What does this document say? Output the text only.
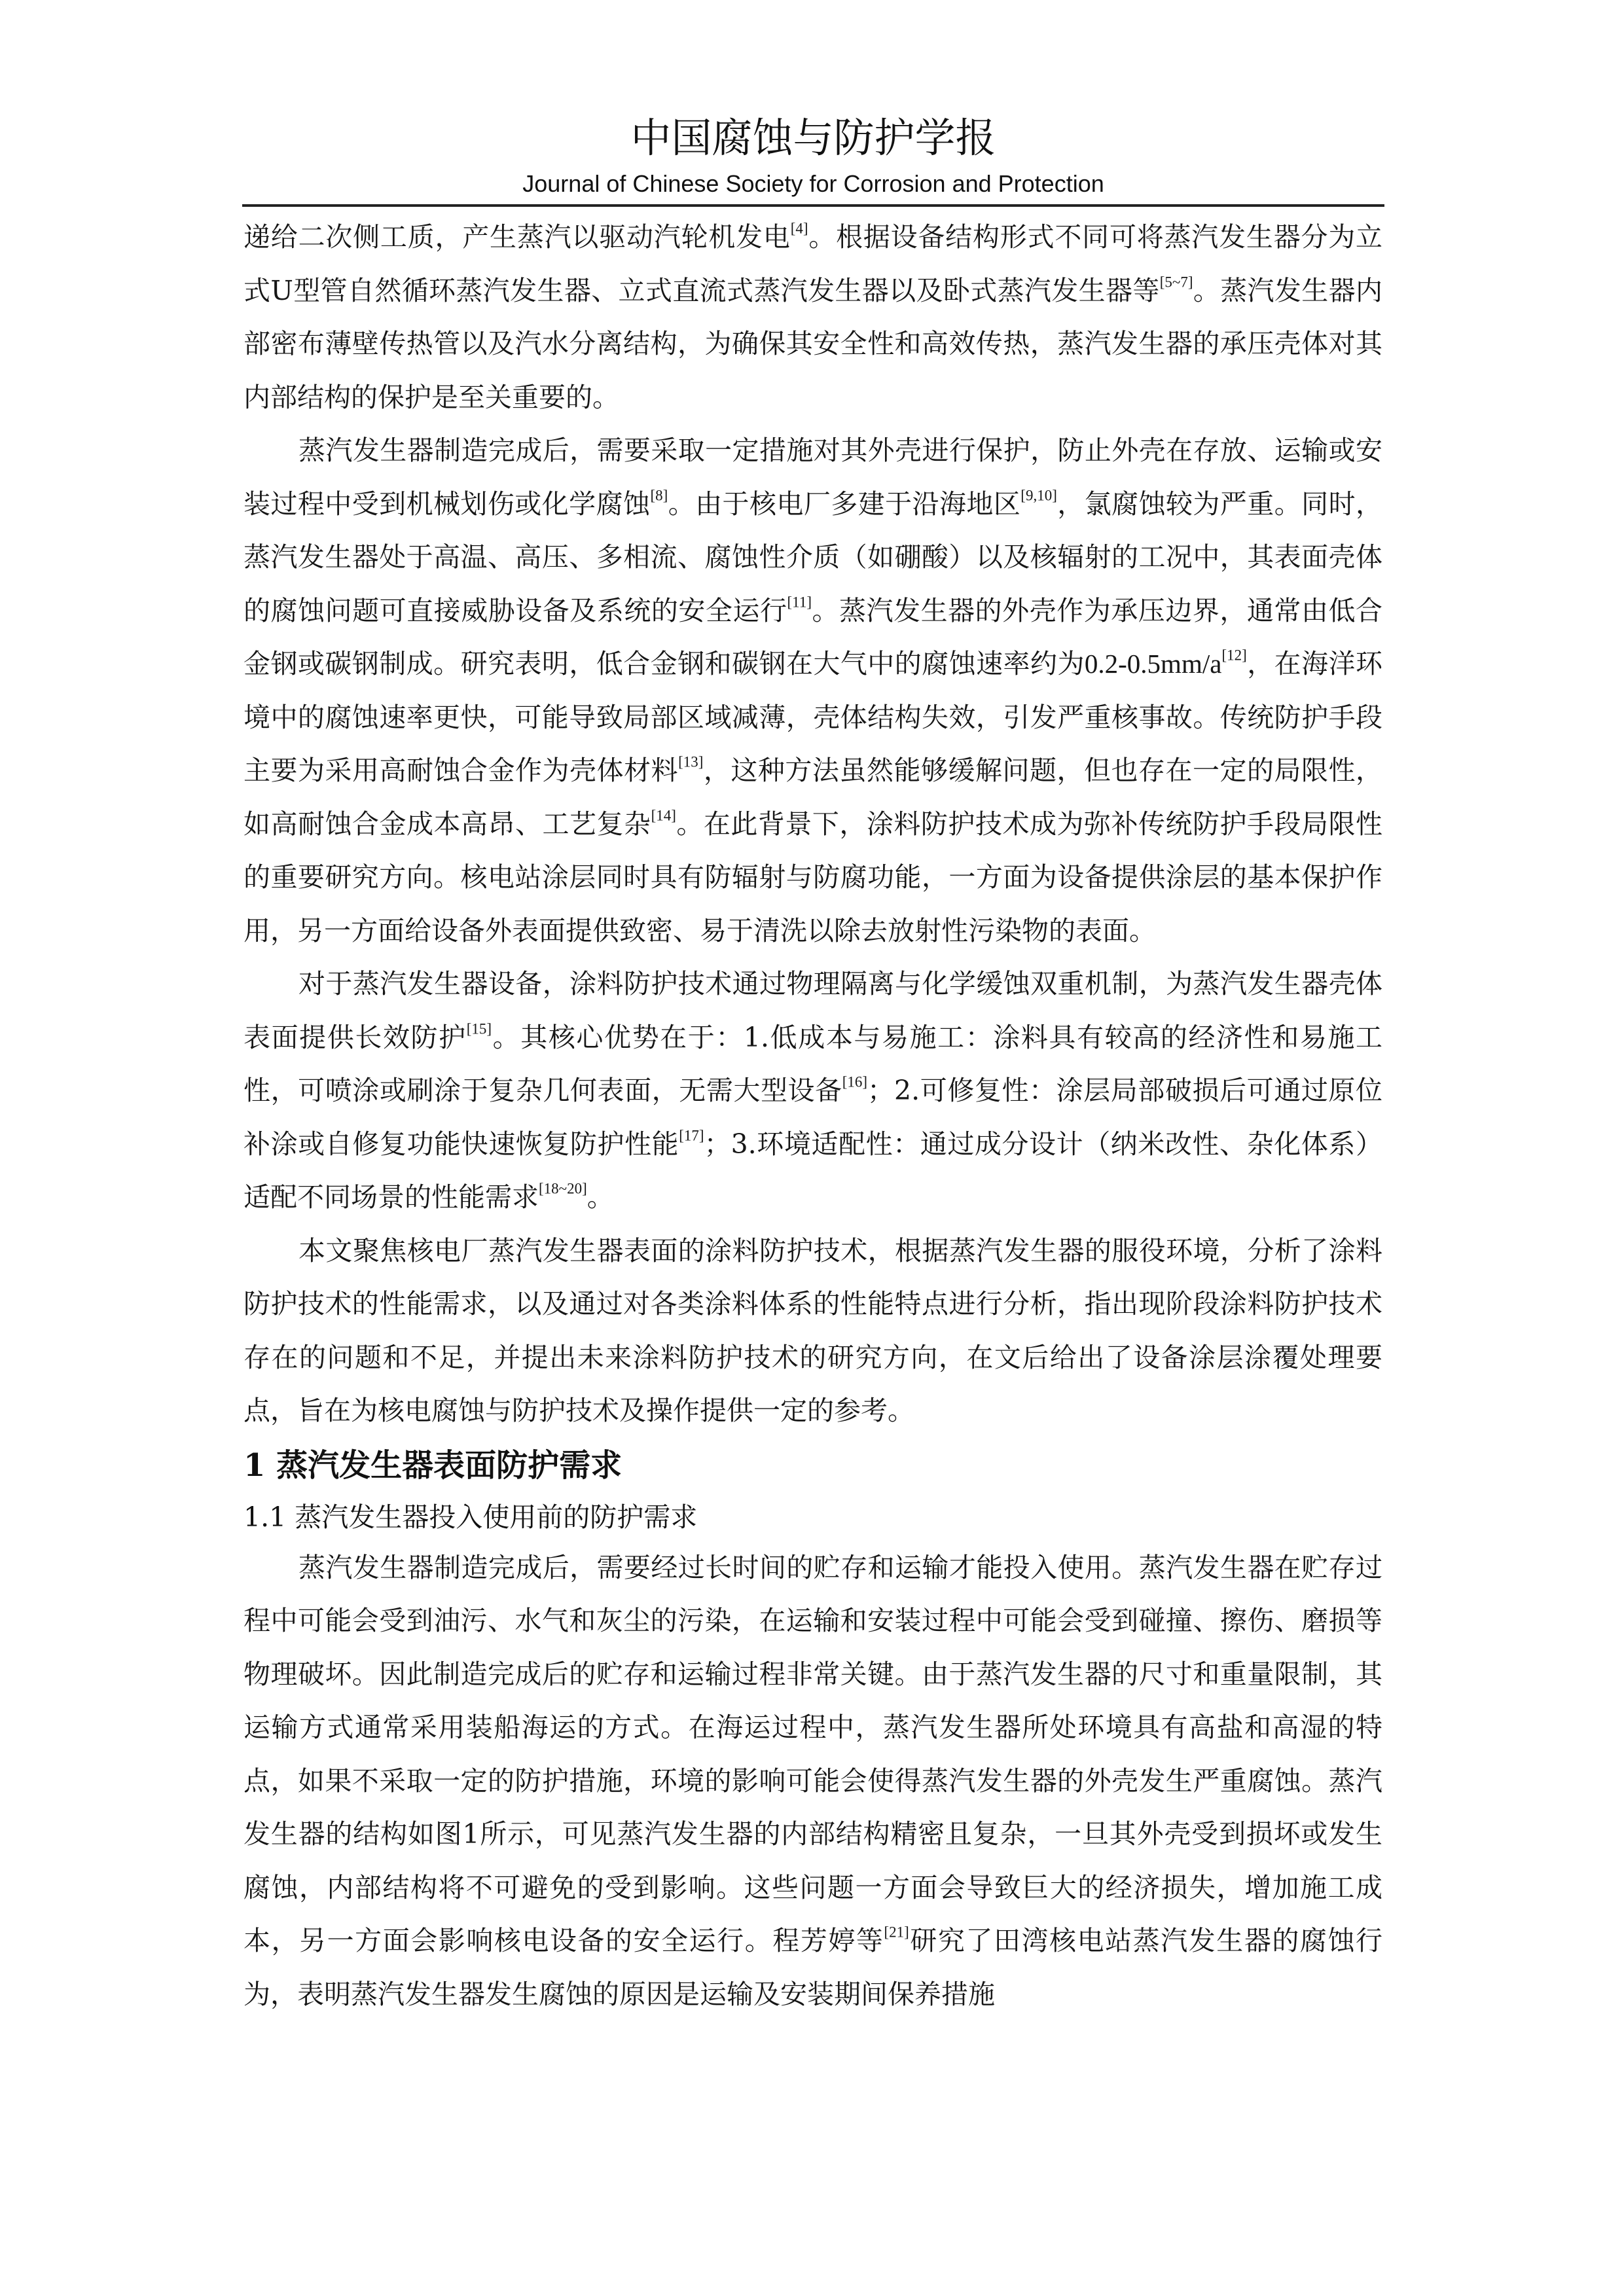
中国腐蚀与防护学报
Journal of Chinese Society for Corrosion and Protection

递给二次侧工质，产生蒸汽以驱动汽轮机发电[4]。根据设备结构形式不同可将蒸汽发生器分为立式U型管自然循环蒸汽发生器、立式直流式蒸汽发生器以及卧式蒸汽发生器等[5~7]。蒸汽发生器内部密布薄壁传热管以及汽水分离结构，为确保其安全性和高效传热，蒸汽发生器的承压壳体对其内部结构的保护是至关重要的。

蒸汽发生器制造完成后，需要采取一定措施对其外壳进行保护，防止外壳在存放、运输或安装过程中受到机械划伤或化学腐蚀[8]。由于核电厂多建于沿海地区[9,10]，氯腐蚀较为严重。同时，蒸汽发生器处于高温、高压、多相流、腐蚀性介质（如硼酸）以及核辐射的工况中，其表面壳体的腐蚀问题可直接威胁设备及系统的安全运行[11]。蒸汽发生器的外壳作为承压边界，通常由低合金钢或碳钢制成。研究表明，低合金钢和碳钢在大气中的腐蚀速率约为0.2-0.5mm/a[12]，在海洋环境中的腐蚀速率更快，可能导致局部区域减薄，壳体结构失效，引发严重核事故。传统防护手段主要为采用高耐蚀合金作为壳体材料[13]，这种方法虽然能够缓解问题，但也存在一定的局限性，如高耐蚀合金成本高昂、工艺复杂[14]。在此背景下，涂料防护技术成为弥补传统防护手段局限性的重要研究方向。核电站涂层同时具有防辐射与防腐功能，一方面为设备提供涂层的基本保护作用，另一方面给设备外表面提供致密、易于清洗以除去放射性污染物的表面。

对于蒸汽发生器设备，涂料防护技术通过物理隔离与化学缓蚀双重机制，为蒸汽发生器壳体表面提供长效防护[15]。其核心优势在于：1.低成本与易施工：涂料具有较高的经济性和易施工性，可喷涂或刷涂于复杂几何表面，无需大型设备[16]；2.可修复性：涂层局部破损后可通过原位补涂或自修复功能快速恢复防护性能[17]；3.环境适配性：通过成分设计（纳米改性、杂化体系）适配不同场景的性能需求[18~20]。

本文聚焦核电厂蒸汽发生器表面的涂料防护技术，根据蒸汽发生器的服役环境，分析了涂料防护技术的性能需求，以及通过对各类涂料体系的性能特点进行分析，指出现阶段涂料防护技术存在的问题和不足，并提出未来涂料防护技术的研究方向，在文后给出了设备涂层涂覆处理要点，旨在为核电腐蚀与防护技术及操作提供一定的参考。

1 蒸汽发生器表面防护需求
1.1 蒸汽发生器投入使用前的防护需求

蒸汽发生器制造完成后，需要经过长时间的贮存和运输才能投入使用。蒸汽发生器在贮存过程中可能会受到油污、水气和灰尘的污染，在运输和安装过程中可能会受到碰撞、擦伤、磨损等物理破坏。因此制造完成后的贮存和运输过程非常关键。由于蒸汽发生器的尺寸和重量限制，其运输方式通常采用装船海运的方式。在海运过程中，蒸汽发生器所处环境具有高盐和高湿的特点，如果不采取一定的防护措施，环境的影响可能会使得蒸汽发生器的外壳发生严重腐蚀。蒸汽发生器的结构如图1所示，可见蒸汽发生器的内部结构精密且复杂，一旦其外壳受到损坏或发生腐蚀，内部结构将不可避免的受到影响。这些问题一方面会导致巨大的经济损失，增加施工成本，另一方面会影响核电设备的安全运行。程芳婷等[21]研究了田湾核电站蒸汽发生器的腐蚀行为，表明蒸汽发生器发生腐蚀的原因是运输及安装期间保养措施
